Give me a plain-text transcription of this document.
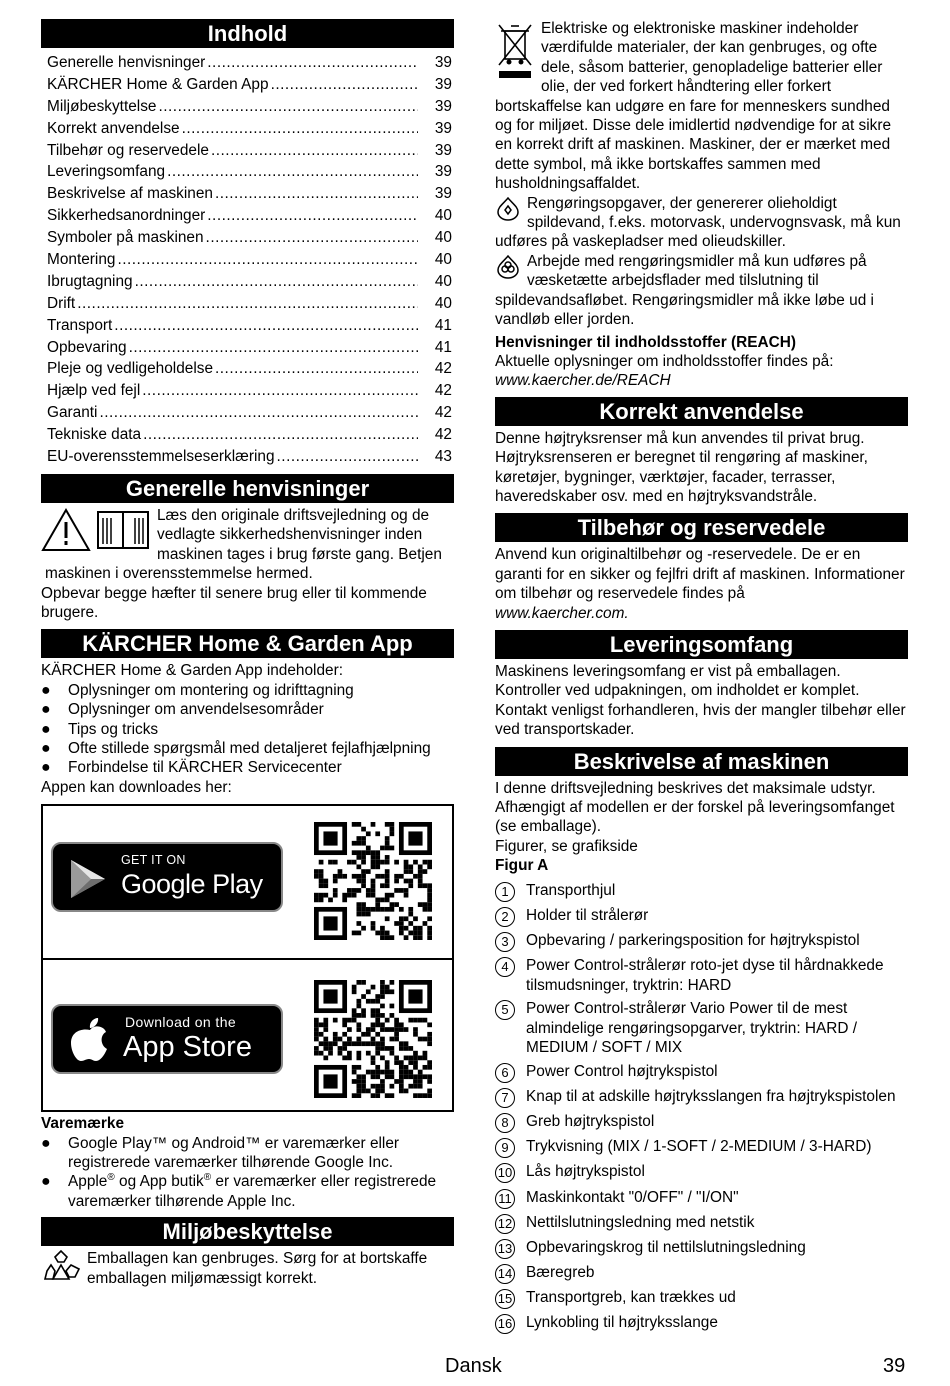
Indhold
Generelle henvisninger .....	39
KÄRCHER Home & Garden App .....	39
Miljøbeskyttelse .....	39
Korrekt anvendelse .....	39
Tilbehør og reservedele .....	39
Leveringsomfang .....	39
Beskrivelse af maskinen .....	39
Sikkerhedsanordninger .....	40
Symboler på maskinen .....	40
Montering .....	40
Ibrugtagning .....	40
Drift .....	40
Transport .....	41
Opbevaring .....	41
Pleje og vedligeholdelse .....	42
Hjælp ved fejl .....	42
Garanti .....	42
Tekniske data .....	42
EU-overensstemmelseserklæring .....	43
Generelle henvisninger

Læs den originale driftsvejledning og de vedlagte sikkerhedshenvisninger inden maskinen tages i brug første gang. Betjen maskinen i overensstemmelse hermed.

Opbevar begge hæfter til senere brug eller til kommende brugere.

KÄRCHER Home & Garden App

KÄRCHER Home & Garden App indeholder:

●	Oplysninger om montering og idrifttagning
●	Oplysninger om anvendelsesområder
●	Tips og tricks
●	Ofte stillede spørgsmål med detaljeret fejlafhjælpning
●	Forbindelse til KÄRCHER Servicecenter

Appen kan downloades her:

GET IT ON
Google Play
Download on the
App Store

Varemærke

●	Google Play™ og Android™ er varemærker eller registrerede varemærker tilhørende Google Inc.
●	Apple® og App butik® er varemærker eller registrerede varemærker tilhørende Apple Inc.
Miljøbeskyttelse

Emballagen kan genbruges. Sørg for at bortskaffe emballagen miljømæssigt korrekt.

Elektriske og elektroniske maskiner indeholder værdifulde materialer, der kan genbruges, og ofte dele, såsom batterier, genopladelige batterier eller olie, der ved forkert håndtering eller forkert bortskaffelse kan udgøre en fare for menneskers sundhed og for miljøet. Disse dele imidlertid nødvendige for at sikre en korrekt drift af maskinen. Maskiner, der er mærket med dette symbol, må ikke bortskaffes sammen med husholdningsaffaldet.

Rengøringsopgaver, der genererer olieholdigt spildevand, f.eks. motorvask, undervognsvask, må kun udføres på vaskepladser med olieudskiller.

Arbejde med rengøringsmidler må kun udføres på væsketætte arbejdsflader med tilslutning til spildevandsafløbet. Rengøringsmidler må ikke løbe ud i vandløb eller jorden.

Henvisninger til indholdsstoffer (REACH)

Aktuelle oplysninger om indholdsstoffer findes på:

www.kaercher.de/REACH

Korrekt anvendelse

Denne højtryksrenser må kun anvendes til privat brug. Højtryksrenseren er beregnet til rengøring af maskiner, køretøjer, bygninger, værktøjer, facader, terrasser, haveredskaber osv. med en højtryksvandstråle.

Tilbehør og reservedele

Anvend kun originaltilbehør og -reservedele. De er en garanti for en sikker og fejlfri drift af maskinen. Informationer om tilbehør og reservedele findes på
www.kaercher.com.

Leveringsomfang

Maskinens leveringsomfang er vist på emballagen. Kontroller ved udpakningen, om indholdet er komplet. Kontakt venligst forhandleren, hvis der mangler tilbehør eller ved transportskader.

Beskrivelse af maskinen

I denne driftsvejledning beskrives det maksimale udstyr. Afhængigt af modellen er der forskel på leveringsomfanget (se emballage).

Figurer, se grafikside

Figur A

1	Transporthjul
2	Holder til strålerør
3	Opbevaring / parkeringsposition for højtrykspistol
4	Power Control-strålerør roto-jet dyse til hårdnakkede tilsmudsninger, tryktrin: HARD
5	Power Control-strålerør Vario Power til de mest almindelige rengøringsopgarver, tryktrin: HARD / MEDIUM / SOFT / MIX
6	Power Control højtrykspistol
7	Knap til at adskille højtryksslangen fra højtrykspistolen
8	Greb højtrykspistol
9	Trykvisning (MIX / 1-SOFT / 2-MEDIUM / 3-HARD)
10 Lås højtrykspistol
11 Maskinkontakt "0/OFF" / "I/ON"
12 Nettilslutningsledning med netstik
13 Opbevaringskrog til nettilslutningsledning
14 Bæregreb
15 Transportgreb, kan trækkes ud
16 Lynkobling til højtryksslange
Dansk	39
